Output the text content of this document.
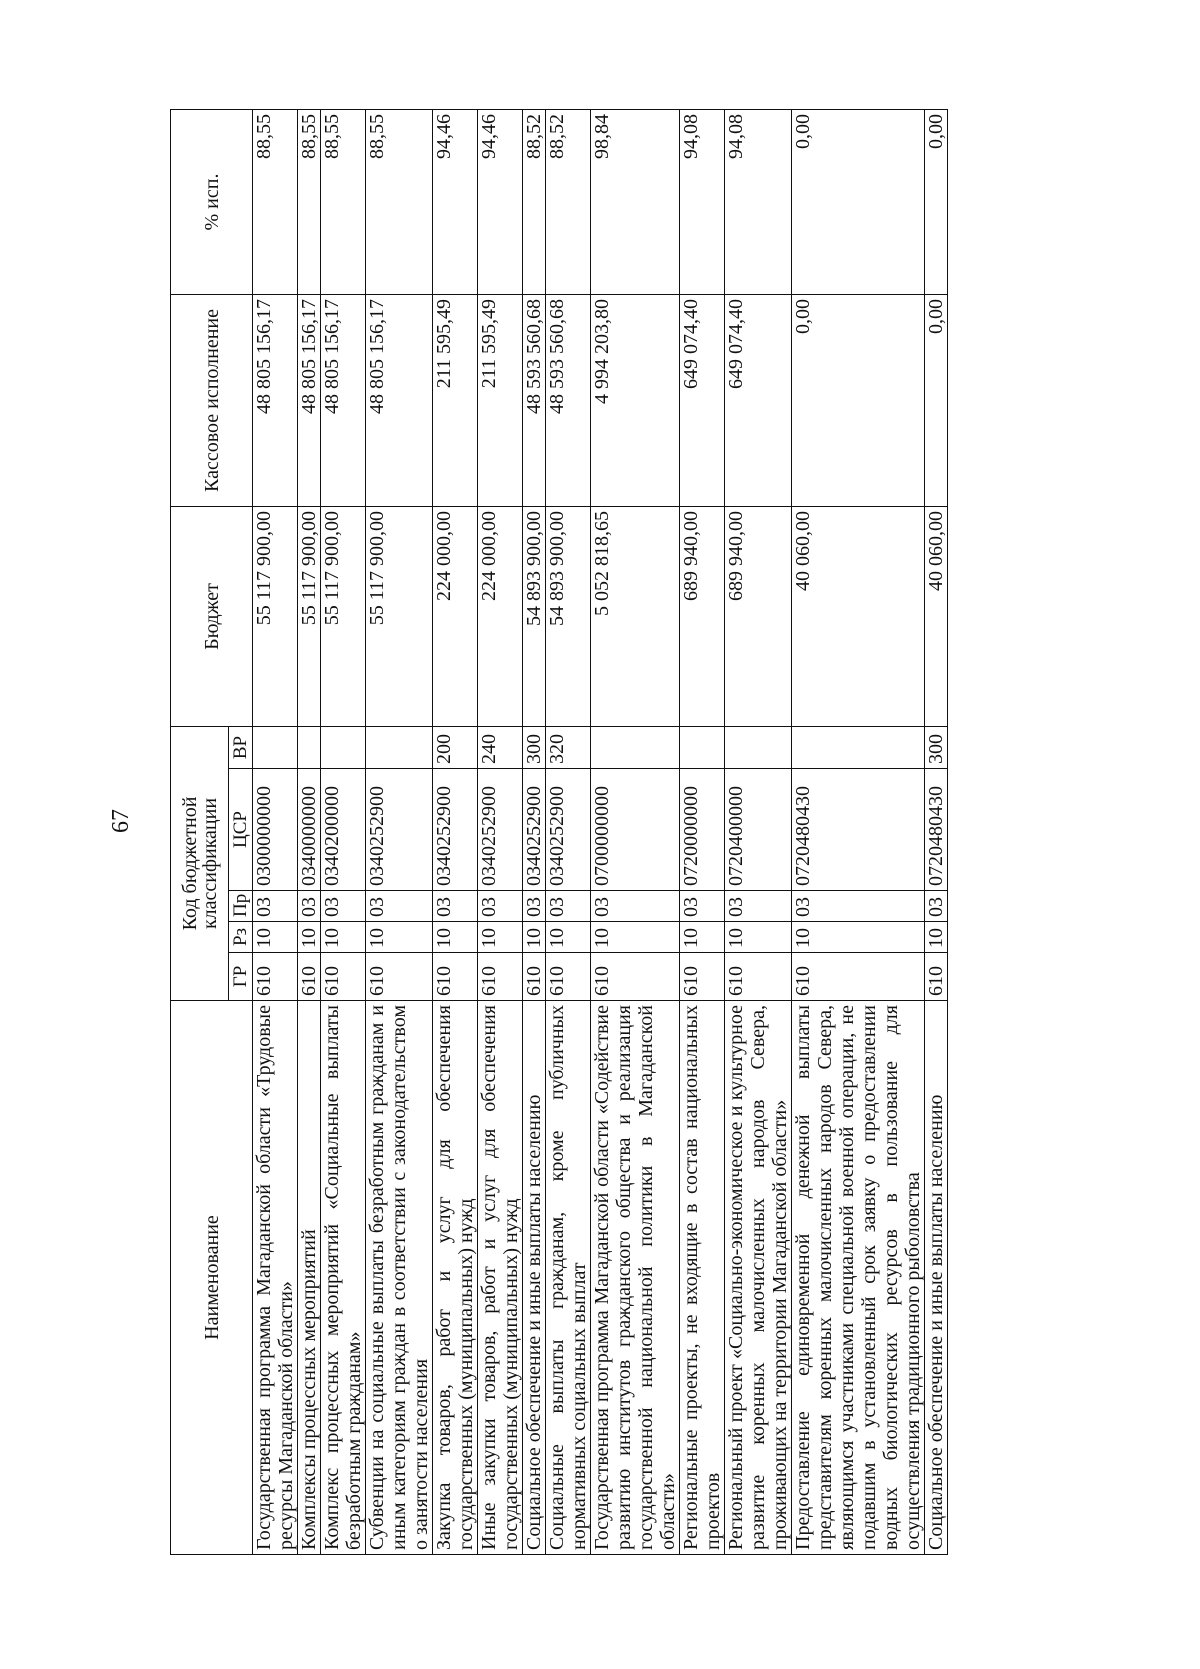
67
Наименование	Код бюджетной классификации					Бюджет	Кассовое исполнение	% исп.
	ГР	Рз	Пр	ЦСР	ВР			
Государственная программа Магаданской области «Трудовые ресурсы Магаданской области»	610	10	03	0300000000		55 117 900,00	48 805 156,17	88,55
Комплексы процессных мероприятий	610	10	03	0340000000		55 117 900,00	48 805 156,17	88,55
Комплекс процессных мероприятий «Социальные выплаты безработным гражданам»	610	10	03	0340200000		55 117 900,00	48 805 156,17	88,55
Субвенции на социальные выплаты безработным гражданам и иным категориям граждан в соответствии с законодательством о занятости населения	610	10	03	0340252900		55 117 900,00	48 805 156,17	88,55
Закупка товаров, работ и услуг для обеспечения государственных (муниципальных) нужд	610	10	03	0340252900	200	224 000,00	211 595,49	94,46
Иные закупки товаров, работ и услуг для обеспечения государственных (муниципальных) нужд	610	10	03	0340252900	240	224 000,00	211 595,49	94,46
Социальное обеспечение и иные выплаты населению	610	10	03	0340252900	300	54 893 900,00	48 593 560,68	88,52
Социальные выплаты гражданам, кроме публичных нормативных социальных выплат	610	10	03	0340252900	320	54 893 900,00	48 593 560,68	88,52
Государственная программа Магаданской области «Содействие развитию институтов гражданского общества и реализация государственной национальной политики в Магаданской области»	610	10	03	0700000000		5 052 818,65	4 994 203,80	98,84
Региональные проекты, не входящие в состав национальных проектов	610	10	03	0720000000		689 940,00	649 074,40	94,08
Региональный проект «Социально-экономическое и культурное развитие коренных малочисленных народов Севера, проживающих на территории Магаданской области»	610	10	03	0720400000		689 940,00	649 074,40	94,08
Предоставление единовременной денежной выплаты представителям коренных малочисленных народов Севера, являющимся участниками специальной военной операции, не подавшим в установленный срок заявку о предоставлении водных биологических ресурсов в пользование для осуществления традиционного рыболовства	610	10	03	0720480430		40 060,00	0,00	0,00
Социальное обеспечение и иные выплаты населению	610	10	03	0720480430	300	40 060,00	0,00	0,00
